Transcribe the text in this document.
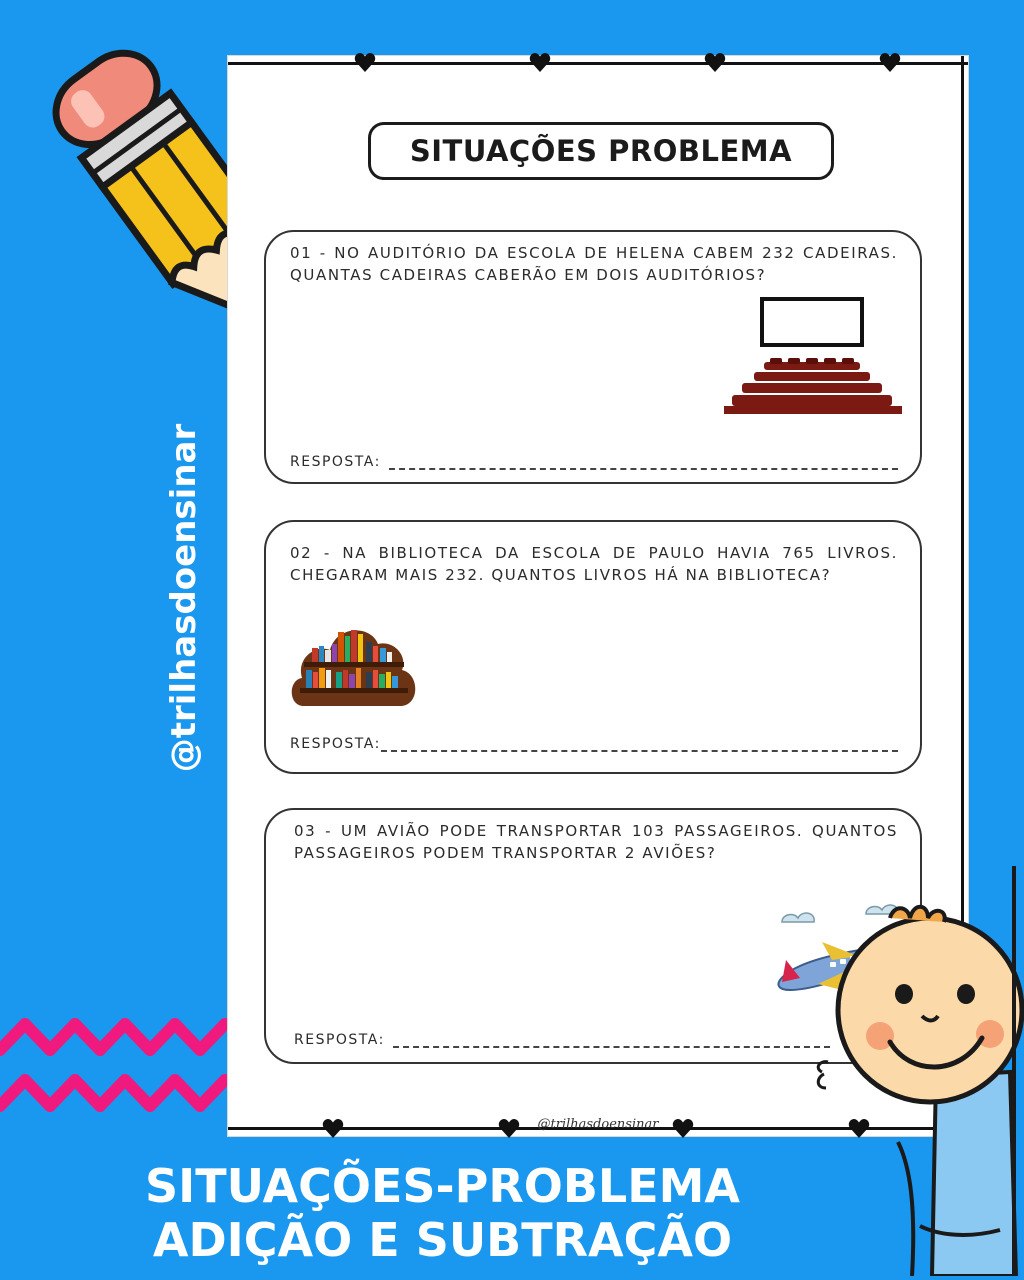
@trilhasdoensinar
SITUAÇÕES PROBLEMA
01 - NO AUDITÓRIO DA ESCOLA DE HELENA CABEM 232 CADEIRAS. QUANTAS CADEIRAS CABERÃO EM DOIS AUDITÓRIOS?
RESPOSTA:
02 - NA BIBLIOTECA DA ESCOLA DE PAULO HAVIA 765 LIVROS. CHEGARAM MAIS 232. QUANTOS LIVROS HÁ NA BIBLIOTECA?
RESPOSTA:
03 - UM AVIÃO PODE TRANSPORTAR 103 PASSAGEIROS. QUANTOS PASSAGEIROS PODEM TRANSPORTAR 2 AVIÕES?
RESPOSTA:
@trilhasdoensinar
SITUAÇÕES-PROBLEMA
ADIÇÃO E SUBTRAÇÃO
